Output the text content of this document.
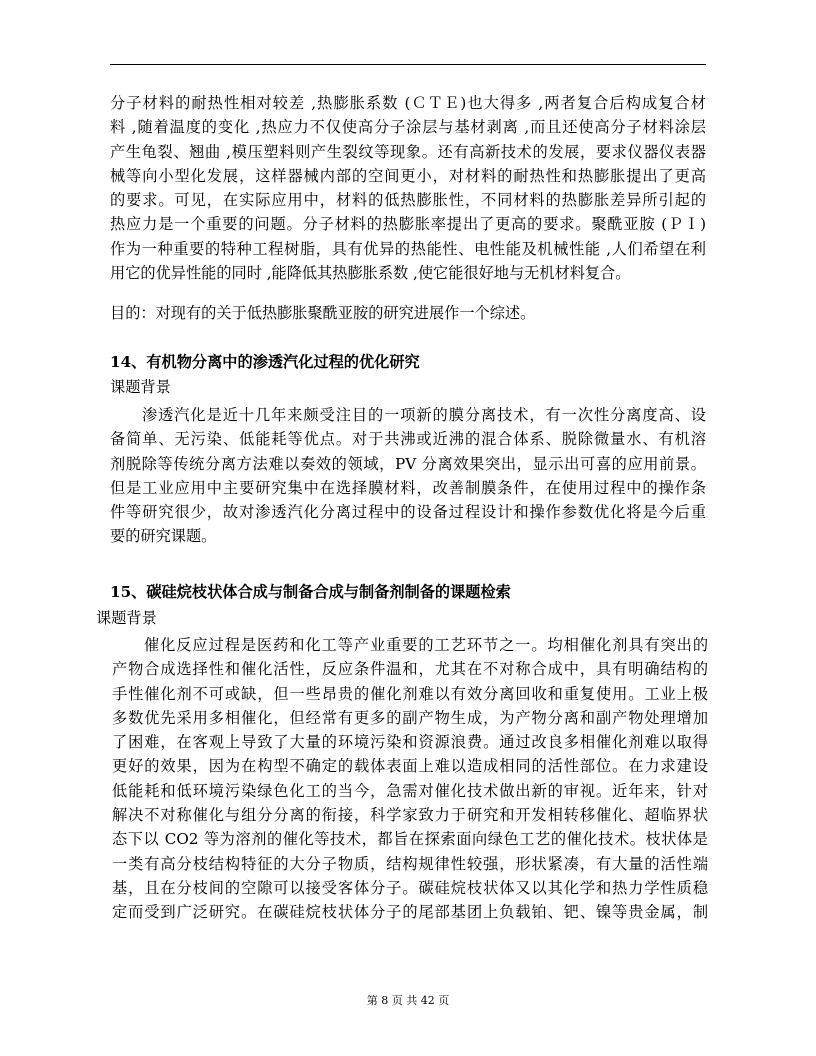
分子材料的耐热性相对较差 ,热膨胀系数 (ＣＴＥ)也大得多 ,两者复合后构成复合材
料 ,随着温度的变化 ,热应力不仅使高分子涂层与基材剥离 ,而且还使高分子材料涂层
产生龟裂、翘曲 ,模压塑料则产生裂纹等现象。还有高新技术的发展，要求仪器仪表器
械等向小型化发展，这样器械内部的空间更小，对材料的耐热性和热膨胀提出了更高
的要求。可见，在实际应用中，材料的低热膨胀性，不同材料的热膨胀差异所引起的
热应力是一个重要的问题。分子材料的热膨胀率提出了更高的要求。聚酰亚胺 (ＰＩ)
作为一种重要的特种工程树脂，具有优异的热能性、电性能及机械性能 ,人们希望在利
用它的优异性能的同时 ,能降低其热膨胀系数 ,使它能很好地与无机材料复合。
目的：对现有的关于低热膨胀聚酰亚胺的研究进展作一个综述。
14、有机物分离中的渗透汽化过程的优化研究
课题背景
渗透汽化是近十几年来颇受注目的一项新的膜分离技术，有一次性分离度高、设
备简单、无污染、低能耗等优点。对于共沸或近沸的混合体系、脱除微量水、有机溶
剂脱除等传统分离方法难以奏效的领域，PV 分离效果突出，显示出可喜的应用前景。
但是工业应用中主要研究集中在选择膜材料，改善制膜条件，在使用过程中的操作条
件等研究很少，故对渗透汽化分离过程中的设备过程设计和操作参数优化将是今后重
要的研究课题。
15、碳硅烷枝状体合成与制备合成与制备剂制备的课题检索
课题背景
催化反应过程是医药和化工等产业重要的工艺环节之一。均相催化剂具有突出的
产物合成选择性和催化活性，反应条件温和，尤其在不对称合成中，具有明确结构的
手性催化剂不可或缺，但一些昂贵的催化剂难以有效分离回收和重复使用。工业上极
多数优先采用多相催化，但经常有更多的副产物生成，为产物分离和副产物处理增加
了困难，在客观上导致了大量的环境污染和资源浪费。通过改良多相催化剂难以取得
更好的效果，因为在构型不确定的载体表面上难以造成相同的活性部位。在力求建设
低能耗和低环境污染绿色化工的当今，急需对催化技术做出新的审视。近年来，针对
解决不对称催化与组分分离的衔接，科学家致力于研究和开发相转移催化、超临界状
态下以 CO2 等为溶剂的催化等技术，都旨在探索面向绿色工艺的催化技术。枝状体是
一类有高分枝结构特征的大分子物质，结构规律性较强，形状紧凑，有大量的活性端
基，且在分枝间的空隙可以接受客体分子。碳硅烷枝状体又以其化学和热力学性质稳
定而受到广泛研究。在碳硅烷枝状体分子的尾部基团上负载铂、钯、镍等贵金属，制
第 8 页 共 42 页
